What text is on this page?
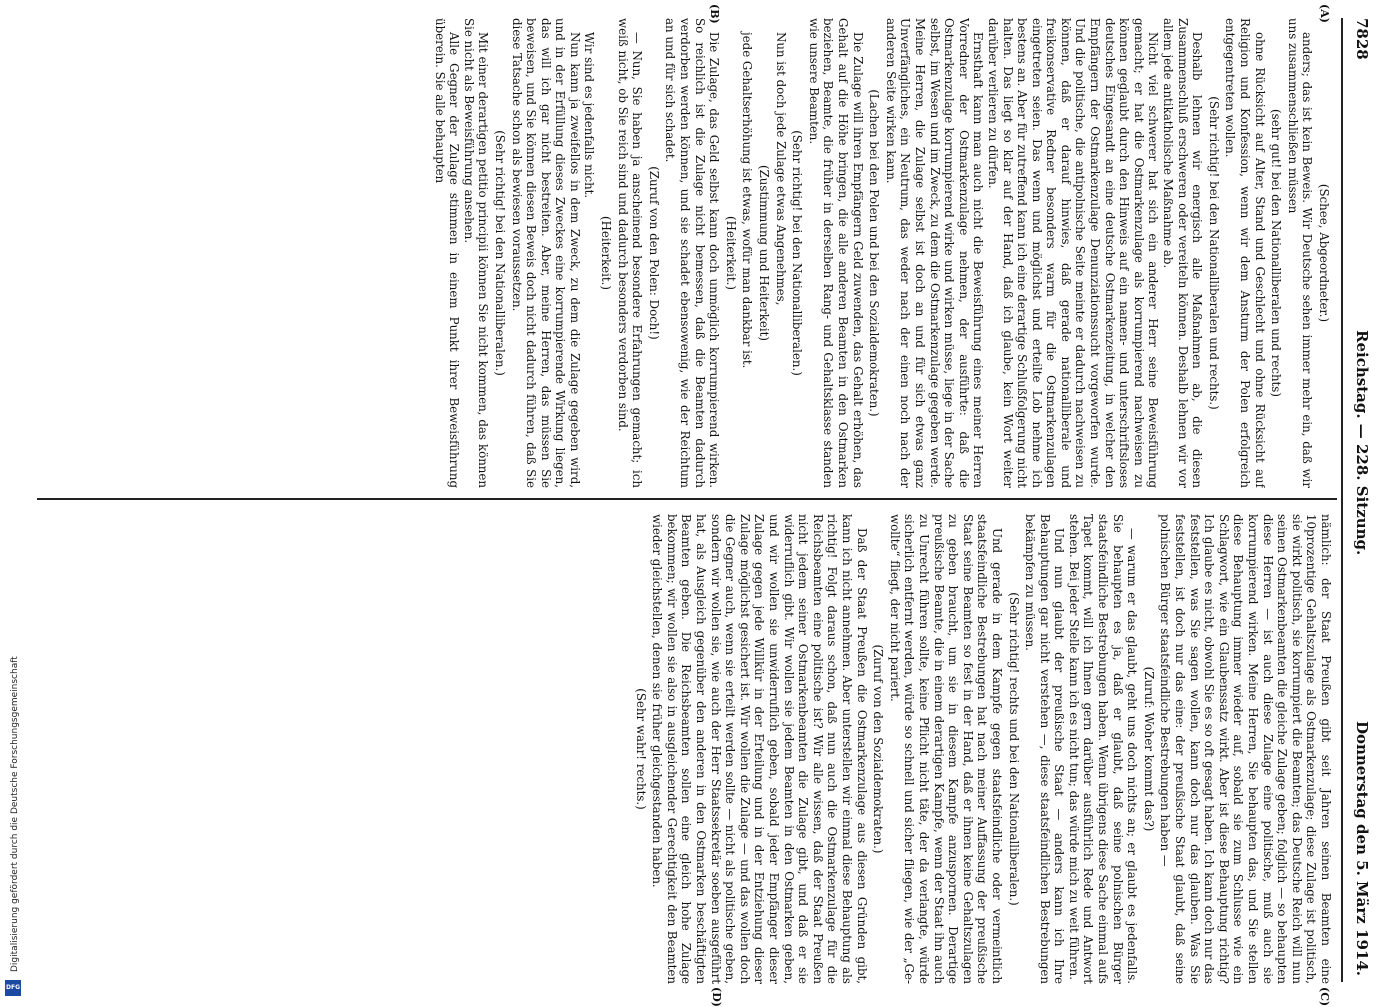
7828
Reichstag. — 228. Sitzung.
Donnerstag den 5. März 1914.
(A)
(B)
(C)
(D)

(Schee, Abgeordneter.)

anders; das ist kein Beweis. Wir Deutsche sehen immer mehr ein, daß wir uns zusammenschließen müssen

(sehr gut! bei den Nationalliberalen und rechts)

ohne Rücksicht auf Alter, Stand und Geschlecht und ohne Rücksicht auf Religion und Konfession, wenn wir dem Ansturm der Polen erfolgreich entgegentreten wollen.

(Sehr richtig! bei den Nationalliberalen und rechts.)

Deshalb lehnen wir energisch alle Maßnahmen ab, die diesen Zusammenschluß erschweren oder vereiteln können. Deshalb lehnen wir vor allem jede antikatholische Maßnahme ab.

Nicht viel schwerer hat sich ein anderer Herr seine Beweisführung gemacht; er hat die Ostmarkenzulage als korrumpierend nachweisen zu können geglaubt durch den Hinweis auf ein namen- und unterschriftsloses deutsches Eingesandt an eine deutsche Ostmarkenzeitung, in welcher den Empfängern der Ostmarkenzulage Denunziationssucht vorgeworfen wurde. Und die politische, die antipolnische Seite meinte er dadurch nachweisen zu können, daß er darauf hinwies, daß gerade nationalliberale und freikonservative Redner besonders warm für die Ostmarkenzulagen eingetreten seien. Das wenn und möglichst und erteilte Lob nehme ich bestens an. Aber für zutreffend kann ich eine derartige Schlußfolgerung nicht halten. Das liegt so klar auf der Hand, daß ich glaube, kein Wort weiter darüber verlieren zu dürfen.

Ernsthaft kann man auch nicht die Beweisführung eines meiner Herren Vorredner der Ostmarkenzulage nehmen, der ausführte: daß die Ostmarkenzulage korrumpierend wirke und wirken müsse, liege in der Sache selbst, im Wesen und im Zweck, zu dem die Ostmarkenzulage gegeben werde. Meine Herren, die Zulage selbst ist doch an und für sich etwas ganz Unverfängliches, ein Neutrum, das weder nach der einen noch nach der anderen Seite wirken kann.

(Lachen bei den Polen und bei den Sozialdemokraten.)

Die Zulage will ihren Empfängern Geld zuwenden, das Gehalt erhöhen, das Gehalt auf die Höhe bringen, die alle anderen Beamten in den Ostmarken beziehen, Beamte, die früher in derselben Rang- und Gehaltsklasse standen wie unsere Beamten.

(Sehr richtig! bei den Nationalliberalen.)

Nun ist doch jede Zulage etwas Angenehmes,

(Zustimmung und Heiterkeit)

jede Gehaltserhöhung ist etwas, wofür man dankbar ist.

(Heiterkeit.)

Die Zulage, das Geld selbst kann doch unmöglich korrumpierend wirken. So reichlich ist die Zulage nicht bemessen, daß die Beamten dadurch verdorben werden können, und sie schadet ebensowenig, wie der Reichtum an und für sich schadet.

(Zuruf von den Polen: Doch!)

— Nun, Sie haben ja anscheinend besondere Erfahrungen gemacht; ich weiß nicht, ob Sie reich sind und dadurch besonders verdorben sind.

(Heiterkeit.)

Wir sind es jedenfalls nicht.

Nun kann ja zweifellos in dem Zweck, zu dem die Zulage gegeben wird, und in der Erfüllung dieses Zweckes eine korrumpierende Wirkung liegen, das will ich gar nicht bestreiten. Aber, meine Herren, das müssen Sie beweisen, und Sie können diesen Beweis doch nicht dadurch führen, daß Sie diese Tatsache schon als bewiesen voraussetzen.

(Sehr richtig! bei den Nationalliberalen.)

Mit einer derartigen petitio principii können Sie nicht kommen, das können Sie nicht als Beweisführung ansehen.

Alle Gegner der Zulage stimmen in einem Punkt ihrer Beweisführung überein. Sie alle behaupten

nämlich: der Staat Preußen gibt seit Jahren seinen Beamten eine 10prozentige Gehaltszulage als Ostmarkenzulage; diese Zulage ist politisch, sie wirkt politisch, sie korrumpiert die Beamten; das Deutsche Reich will nun seinen Ostmarkenbeamten die gleiche Zulage geben; folglich — so behaupten diese Herren — ist auch diese Zulage eine politische, muß auch sie korrumpierend wirken. Meine Herren, Sie behaupten das, und Sie stellen diese Behauptung immer wieder auf, sobald sie zum Schlusse wie ein Schlagwort, wie ein Glaubenssatz wirkt. Aber ist diese Behauptung richtig? Ich glaube es nicht, obwohl Sie es so oft gesagt haben. Ich kann doch nur das feststellen, was Sie sagen wollen, kann doch nur das glauben. Was Sie feststellen, ist doch nur das eine: der preußische Staat glaubt, daß seine polnischen Bürger staatsfeindliche Bestrebungen haben —

(Zuruf: Woher kommt das?)

— warum er das glaubt, geht uns doch nichts an; er glaubt es jedenfalls. Sie behaupten es ja, daß er glaubt, daß seine polnischen Bürger staatsfeindliche Bestrebungen haben. Wenn übrigens diese Sache einmal aufs Tapet kommt, will ich Ihnen gern darüber ausführlich Rede und Antwort stehen. Bei jeder Stelle kann ich es nicht tun; das würde mich zu weit führen.

Und nun glaubt der preußische Staat — anders kann ich Ihre Behauptungen gar nicht verstehen —, diese staatsfeindlichen Bestrebungen bekämpfen zu müssen.

(Sehr richtig! rechts und bei den Nationalliberalen.)

Und gerade in dem Kampfe gegen staatsfeindliche oder vermeintlich staatsfeindliche Bestrebungen hat nach meiner Auffassung der preußische Staat seine Beamten so fest in der Hand, daß er ihnen keine Gehaltszulagen zu geben braucht, um sie in diesem Kampfe anzuspornen. Derartige preußische Beamte, die in einem derartigen Kampfe, wenn der Staat ihn auch zu Unrecht führen sollte, keine Pflicht nicht täte, der da verlangte, würde sicherlich entfernt werden, würde so schnell und sicher fliegen, wie der „Ge-wollte“ fliegt, der nicht pariert.

(Zuruf von den Sozialdemokraten.)

Daß der Staat Preußen die Ostmarkenzulage aus diesen Gründen gibt, kann ich nicht annehmen. Aber unterstellen wir einmal diese Behauptung als richtig! Folgt daraus schon, daß nun auch die Ostmarkenzulage für die Reichsbeamten eine politische ist? Wir alle wissen, daß der Staat Preußen nicht jedem seiner Ostmarkenbeamten die Zulage gibt, und daß er sie widerruflich gibt. Wir wollen sie jedem Beamten in den Ostmarken geben, und wir wollen sie unwiderruflich geben, sobald jeder Empfänger dieser Zulage gegen jede Willkür in der Erteilung und in der Entziehung dieser Zulage möglichst gesichert ist. Wir wollen die Zulage — und das wollen doch die Gegner auch, wenn sie erteilt werden sollte — nicht als politische geben, sondern wir wollen sie, wie auch der Herr Staatssekretär soeben ausgeführt hat, als Ausgleich gegenüber den anderen in den Ostmarken beschäftigten Beamten geben. Die Reichsbeamten sollen eine gleich hohe Zulage bekommen; wir wollen sie also in ausgleichender Gerechtigkeit den Beamten wieder gleichstellen, denen sie früher gleichgestanden haben.

(Sehr wahr! rechts.)

Digitalisierung gefördert durch die Deutsche Forschungsgemeinschaft
DFG
